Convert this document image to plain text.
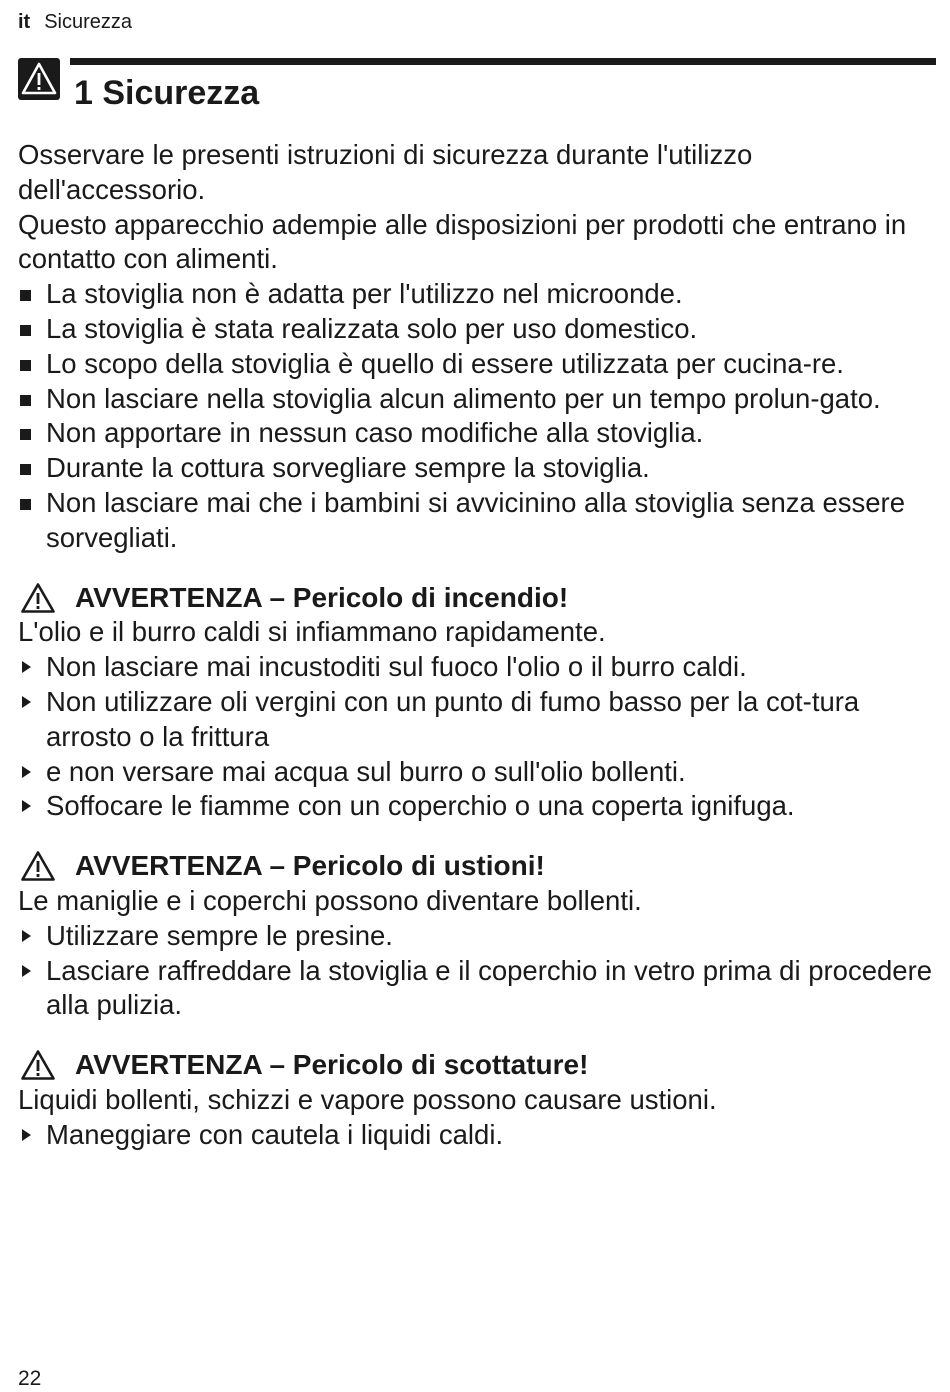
it Sicurezza
1 Sicurezza

Osservare le presenti istruzioni di sicurezza durante l'utilizzo dell'accessorio.

Questo apparecchio adempie alle disposizioni per prodotti che entrano in contatto con alimenti.

La stoviglia non è adatta per l'utilizzo nel microonde.
La stoviglia è stata realizzata solo per uso domestico.
Lo scopo della stoviglia è quello di essere utilizzata per cucina-re.
Non lasciare nella stoviglia alcun alimento per un tempo prolun-gato.
Non apportare in nessun caso modifiche alla stoviglia.
Durante la cottura sorvegliare sempre la stoviglia.
Non lasciare mai che i bambini si avvicinino alla stoviglia senza essere sorvegliati.
AVVERTENZA – Pericolo di incendio!

L'olio e il burro caldi si infiammano rapidamente.

Non lasciare mai incustoditi sul fuoco l'olio o il burro caldi.
Non utilizzare oli vergini con un punto di fumo basso per la cot-tura arrosto o la frittura
e non versare mai acqua sul burro o sull'olio bollenti.
Soffocare le fiamme con un coperchio o una coperta ignifuga.
AVVERTENZA – Pericolo di ustioni!

Le maniglie e i coperchi possono diventare bollenti.

Utilizzare sempre le presine.
Lasciare raffreddare la stoviglia e il coperchio in vetro prima di procedere alla pulizia.
AVVERTENZA – Pericolo di scottature!

Liquidi bollenti, schizzi e vapore possono causare ustioni.

Maneggiare con cautela i liquidi caldi.
22
